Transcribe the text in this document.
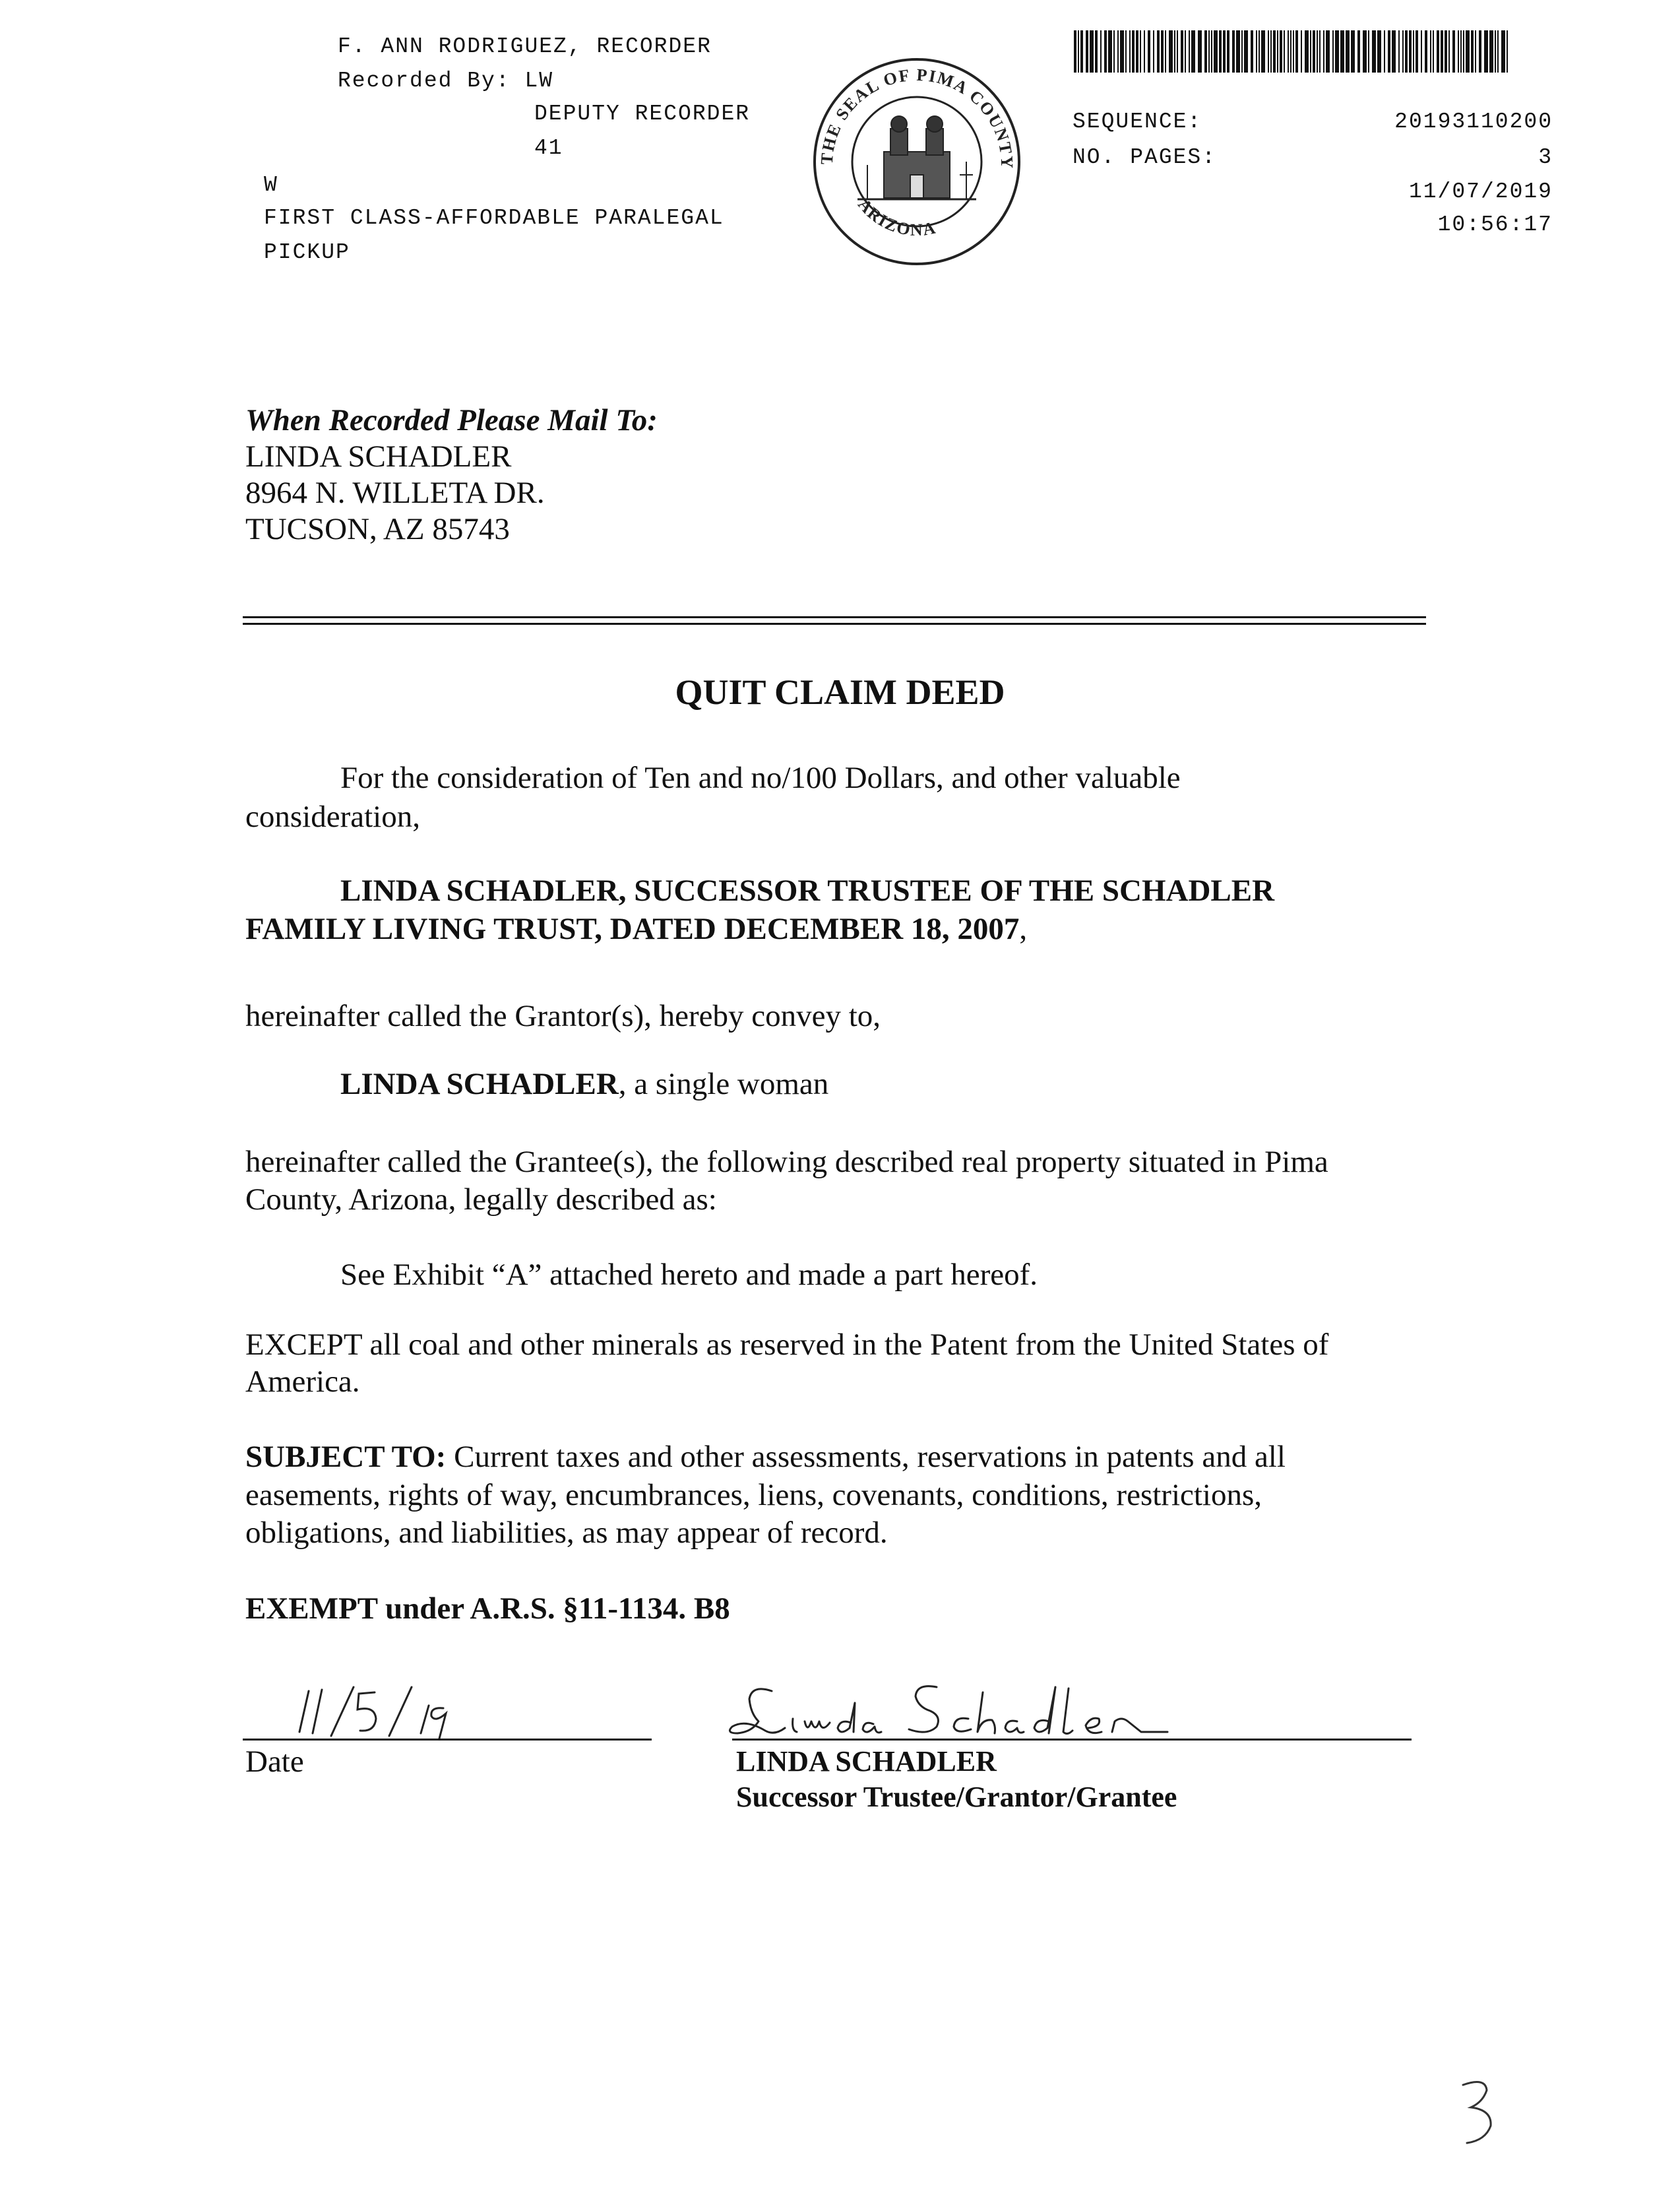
F. ANN RODRIGUEZ, RECORDER
Recorded By: LW
DEPUTY RECORDER
41
W
FIRST CLASS-AFFORDABLE PARALEGAL
PICKUP
THE SEAL OF PIMA COUNTY
ARIZONA
SEQUENCE:	20193110200
NO. PAGES:	3
11/07/2019
10:56:17
When Recorded Please Mail To:
LINDA SCHADLER
8964 N. WILLETA DR.
TUCSON, AZ 85743
QUIT CLAIM DEED
For the consideration of Ten and no/100 Dollars, and other valuable
consideration,
LINDA SCHADLER, SUCCESSOR TRUSTEE OF THE SCHADLER
FAMILY LIVING TRUST, DATED DECEMBER 18, 2007,
hereinafter called the Grantor(s), hereby convey to,
LINDA SCHADLER, a single woman
hereinafter called the Grantee(s), the following described real property situated in Pima
County, Arizona, legally described as:
See Exhibit “A” attached hereto and made a part hereof.
EXCEPT all coal and other minerals as reserved in the Patent from the United States of
America.
SUBJECT TO: Current taxes and other assessments, reservations in patents and all
easements, rights of way, encumbrances, liens, covenants, conditions, restrictions,
obligations, and liabilities, as may appear of record.
EXEMPT under A.R.S. §11-1134. B8
Date	LINDA SCHADLER
Successor Trustee/Grantor/Grantee
